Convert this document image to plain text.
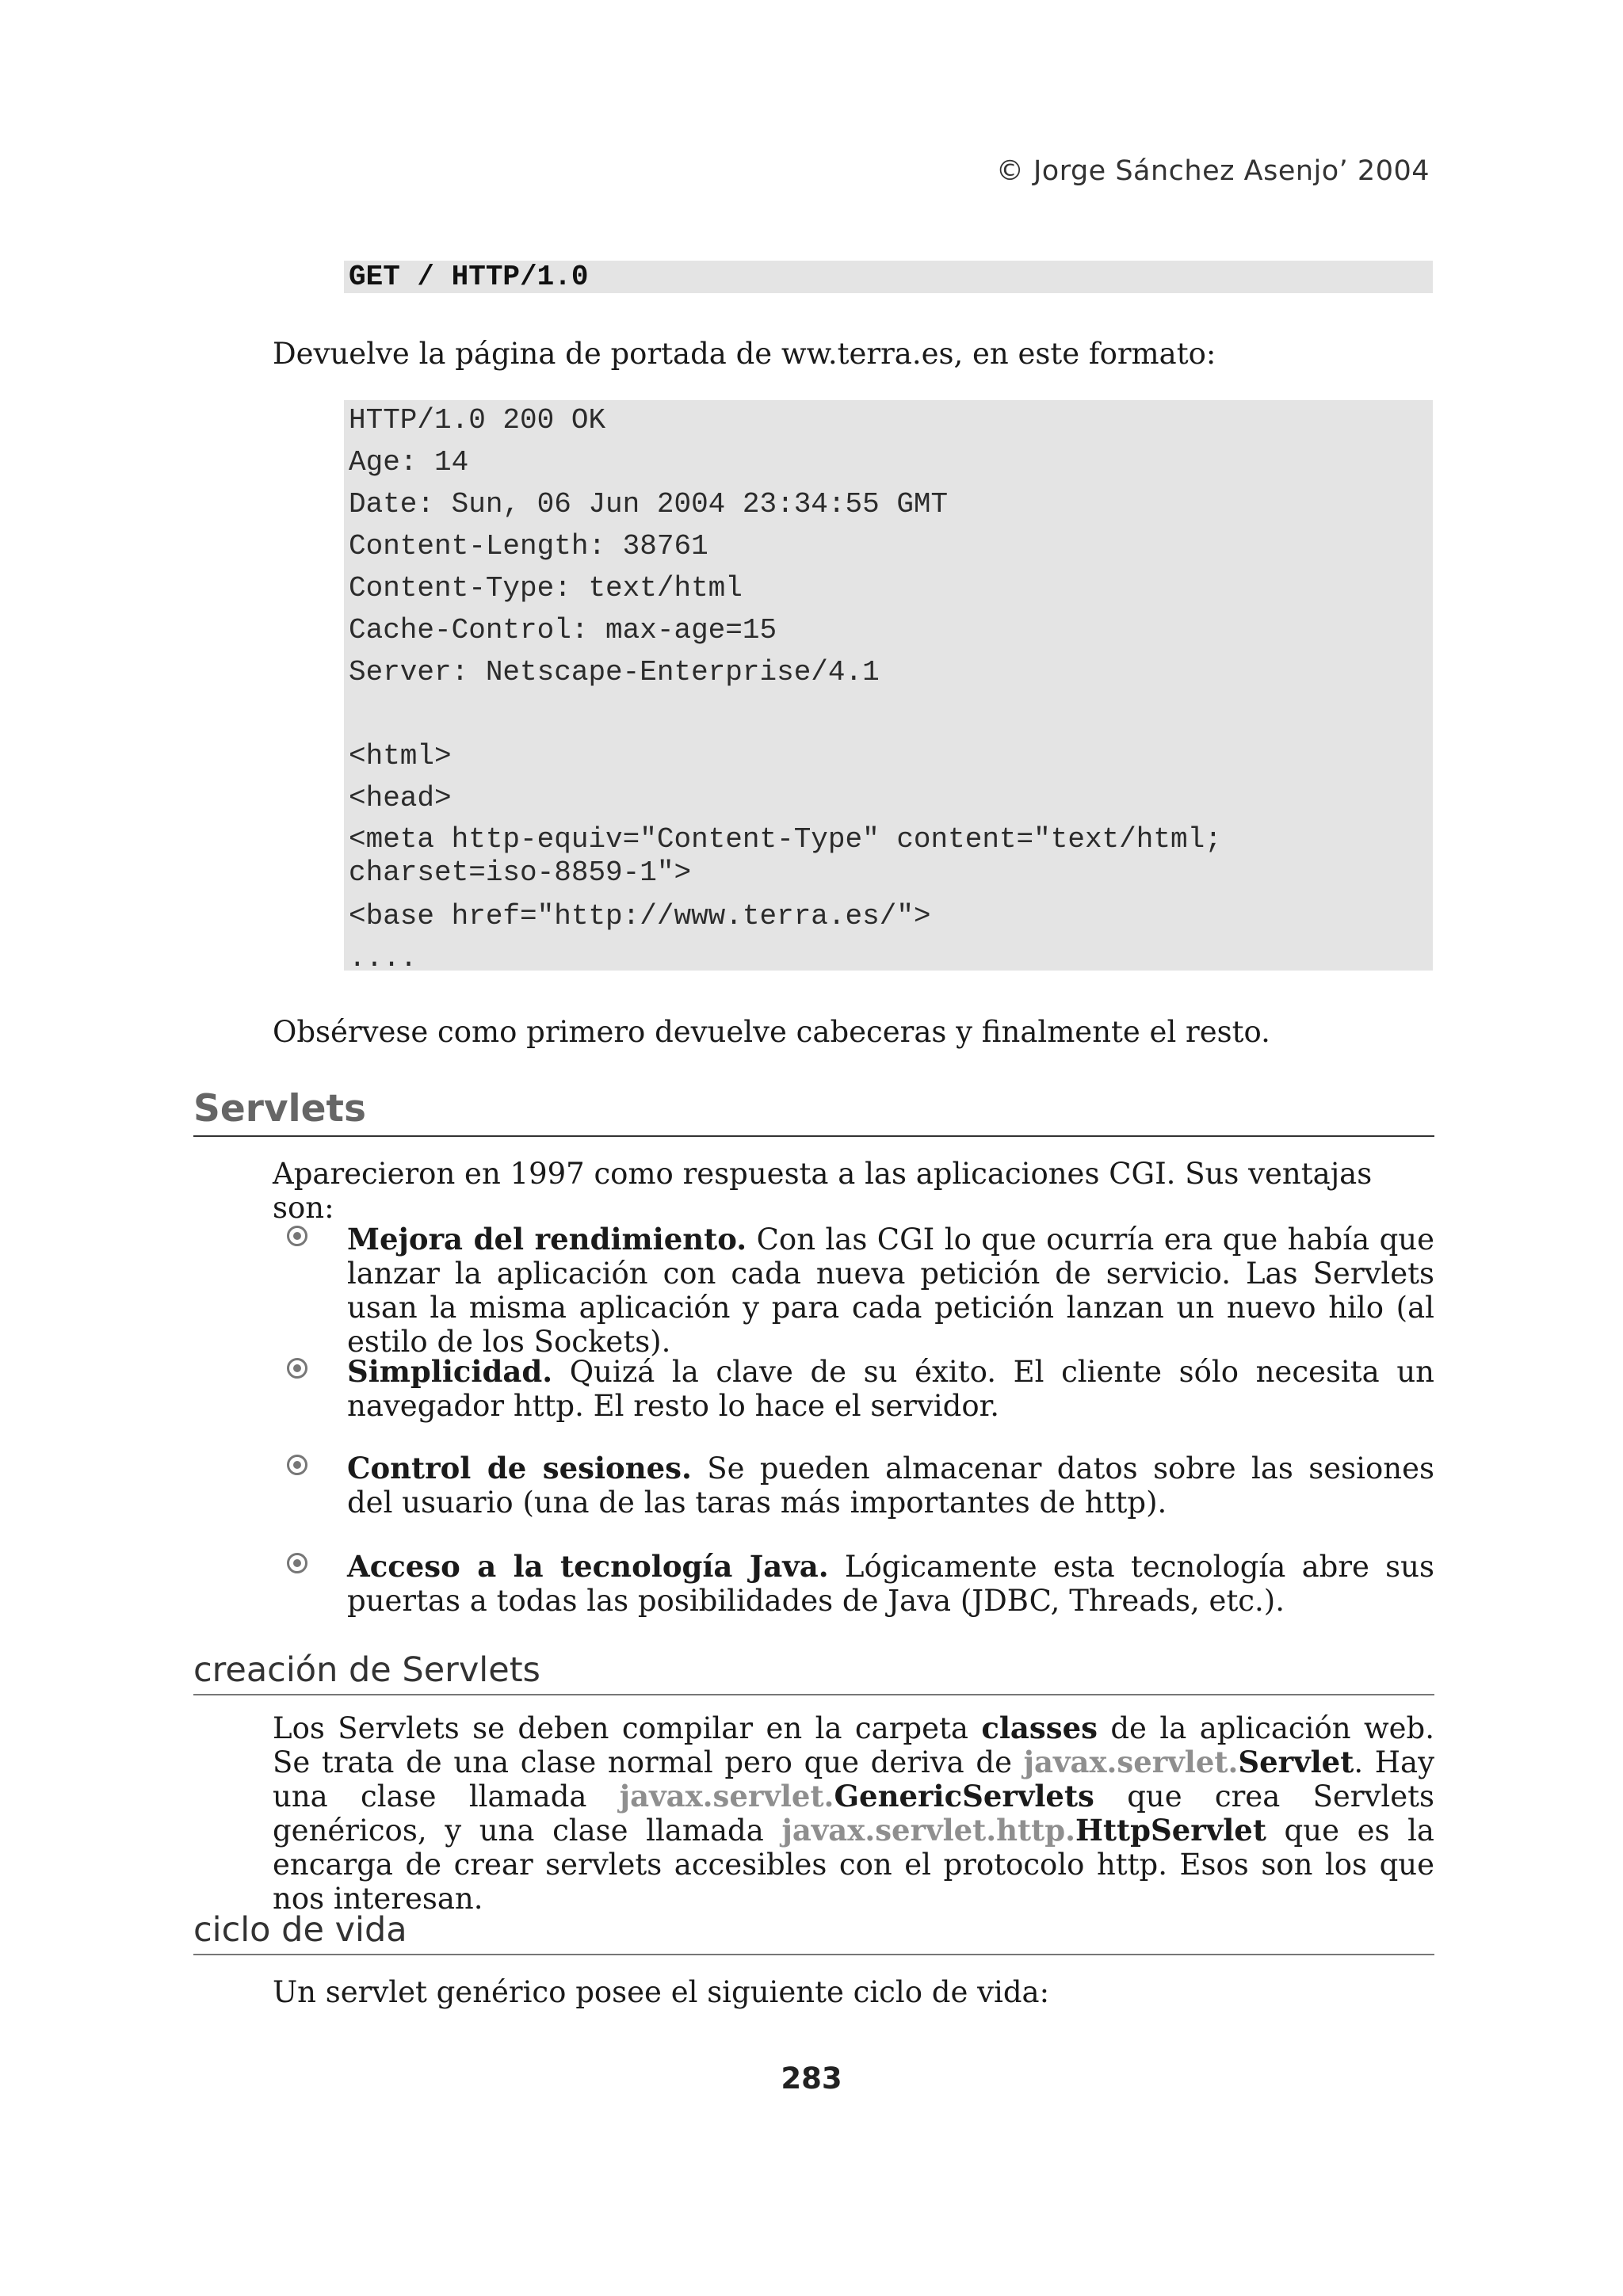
© Jorge Sánchez Asenjo’ 2004
GET / HTTP/1.0
Devuelve la página de portada de ww.terra.es, en este formato:
HTTP/1.0 200 OK
Age: 14
Date: Sun, 06 Jun 2004 23:34:55 GMT
Content-Length: 38761
Content-Type: text/html
Cache-Control: max-age=15
Server: Netscape-Enterprise/4.1
<html>
<head>
<meta http-equiv="Content-Type" content="text/html;
charset=iso-8859-1">
<base href="http://www.terra.es/">
....
Obsérvese como primero devuelve cabeceras y finalmente el resto.
Servlets
Aparecieron en 1997 como respuesta a las aplicaciones CGI. Sus ventajas son:
Mejora del rendimiento. Con las CGI lo que ocurría era que había que lanzar la aplicación con cada nueva petición de servicio. Las Servlets usan la misma aplicación y para cada petición lanzan un nuevo hilo (al estilo de los Sockets).
Simplicidad. Quizá la clave de su éxito. El cliente sólo necesita un navegador http. El resto lo hace el servidor.
Control de sesiones. Se pueden almacenar datos sobre las sesiones del usuario (una de las taras más importantes de http).
Acceso a la tecnología Java. Lógicamente esta tecnología abre sus puertas a todas las posibilidades de Java (JDBC, Threads, etc.).
creación de Servlets
Los Servlets se deben compilar en la carpeta classes de la aplicación web. Se trata de una clase normal pero que deriva de javax.servlet.Servlet. Hay una clase llamada javax.servlet.GenericServlets que crea Servlets genéricos, y una clase llamada javax.servlet.http.HttpServlet que es la encarga de crear servlets accesibles con el protocolo http. Esos son los que nos interesan.
ciclo de vida
Un servlet genérico posee el siguiente ciclo de vida:
283
